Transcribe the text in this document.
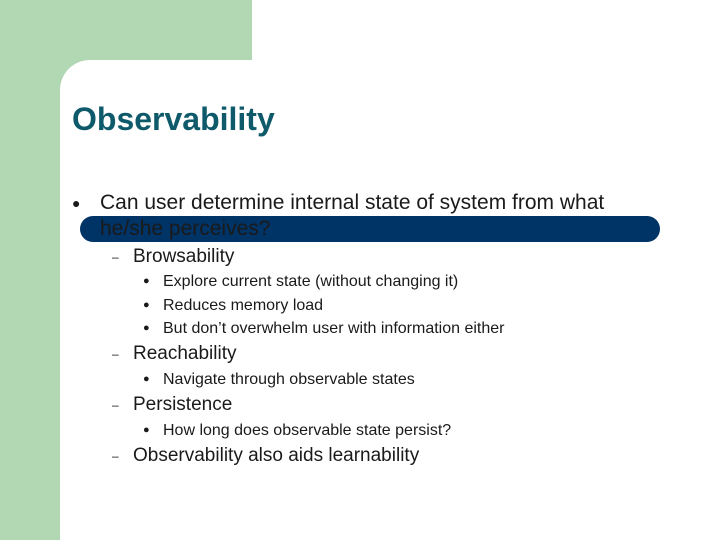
Observability
● Can user determine internal state of system from what he/she perceives?
– Browsability
● Explore current state (without changing it)
● Reduces memory load
● But don’t overwhelm user with information either
– Reachability
● Navigate through observable states
– Persistence
● How long does observable state persist?
– Observability also aids learnability
